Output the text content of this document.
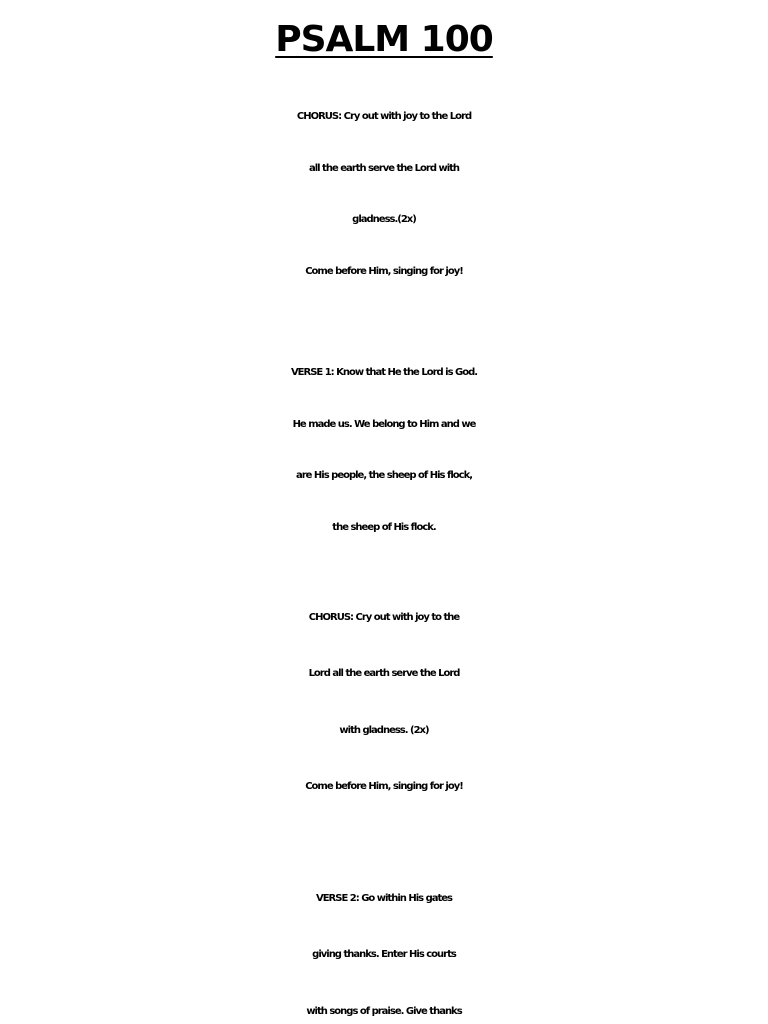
PSALM 100
CHORUS: Cry out with joy to the Lord
all the earth serve the Lord with
gladness.(2x)
Come before Him, singing for joy!
VERSE 1: Know that He the Lord is God.
He made us. We belong to Him and we
are His people, the sheep of His flock,
the sheep of His flock.
CHORUS: Cry out with joy to the
Lord all the earth serve the Lord
with gladness. (2x)
Come before Him, singing for joy!
VERSE 2: Go within His gates
giving thanks. Enter His courts
with songs of praise. Give thanks
